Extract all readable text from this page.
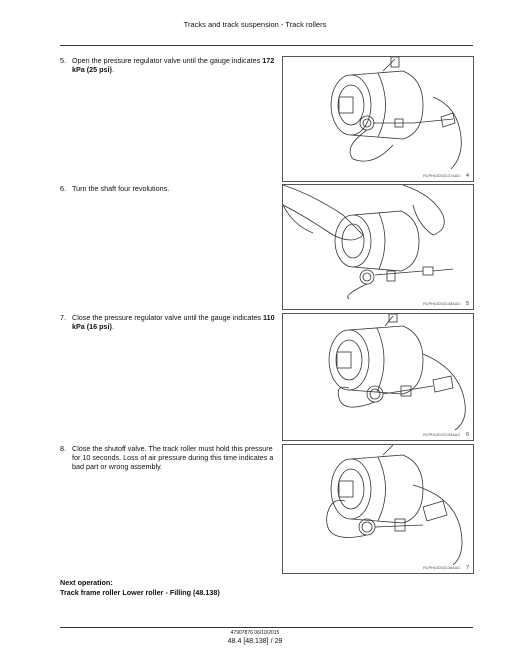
Tracks and track suspension - Track rollers
5. Open the pressure regulator valve until the gauge indicates 172 kPa (25 psi).
6. Turn the shaft four revolutions.
7. Close the pressure regulator valve until the gauge indicates 110 kPa (16 psi).
8. Close the shutoff valve. The track roller must hold this pressure for 10 seconds. Loss of air pressure during this time indicates a bad part or wrong assembly.
RCPH10DOZ137AAO 4
RCPH10DOZ138AAO 5
RCPH10DOZ139AAO 6
RCPH10DOZ136AAO 7
Next operation:
Track frame roller Lower roller - Filling (48.138)
47907876 06/10/2015
48.4 [48.138] / 29
